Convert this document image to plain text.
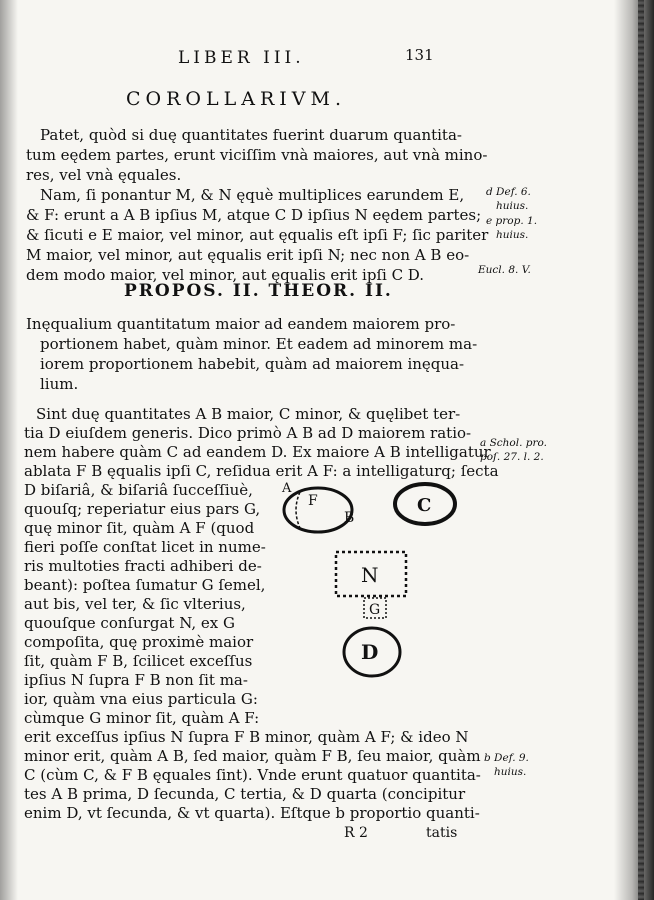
LIBER III.	131
COROLLARIVM.
Patet, quòd si duę quantitates fuerint duarum quantita-
tum eędem partes, erunt viciſſim vnà maiores, aut vnà mino-
res, vel vnà ęquales.
Nam, ſi ponantur M, & N ęquè multiplices earundem E,
& F: erunt a A B ipſius M, atque C D ipſius N eędem partes;
& ſicuti e E maior, vel minor, aut ęqualis eſt ipſi F; ſic pariter
M maior, vel minor, aut ęqualis erit ipſi N; nec non A B eo-
dem modo maior, vel minor, aut ęqualis erit ipſi C D.
d Def. 6.
huius.
e prop. 1.
huius.
Eucl. 8. V.
PROPOS. II. THEOR. II.
Inęqualium quantitatum maior ad eandem maiorem pro-
portionem habet, quàm minor. Et eadem ad minorem ma-
iorem proportionem habebit, quàm ad maiorem inęqua-
lium.
Sint duę quantitates A B maior, C minor, & quęlibet ter-
tia D eiuſdem generis. Dico primò A B ad D maiorem ratio-
nem habere quàm C ad eandem D. Ex maiore A B intelligatur
ablata F B ęqualis ipſi C, reſidua erit A F: a intelligaturq; ſecta
D biſariâ, & biſariâ ſucceſſiuè,
quouſq; reperiatur eius pars G,
quę minor ſit, quàm A F (quod
fieri poſſe conſtat licet in nume-
ris multoties fracti adhiberi de-
beant): poſtea ſumatur G ſemel,
aut bis, vel ter, & ſic vlterius,
quouſque conſurgat N, ex G
compoſita, quę proximè maior
ſit, quàm F B, ſcilicet exceſſus
ipſius N ſupra F B non ſit ma-
ior, quàm vna eius particula G:
cùmque G minor ſit, quàm A F:
erit exceſſus ipſius N ſupra F B minor, quàm A F; & ideo N
minor erit, quàm A B, ſed maior, quàm F B, ſeu maior, quàm
C (cùm C, & F B ęquales ſint). Vnde erunt quatuor quantita-
tes A B prima, D ſecunda, C tertia, & D quarta (concipitur
enim D, vt ſecunda, & vt quarta). Eſtque b proportio quanti-
a Schol. pro.
poſ. 27. l. 2.
b Def. 9.
huius.
R 2	tatis
A
F
B
C
N
G
D
